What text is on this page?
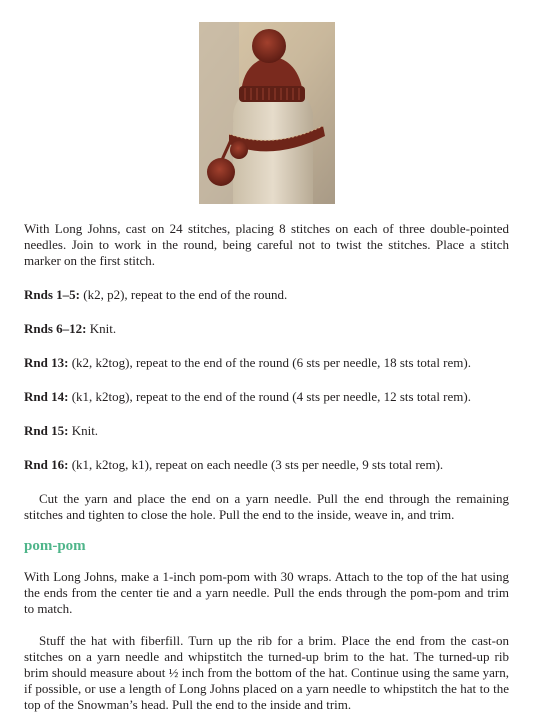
With Long Johns, cast on 24 stitches, placing 8 stitches on each of three double-pointed needles. Join to work in the round, being careful not to twist the stitches. Place a stitch marker on the first stitch.

Rnds 1–5: (k2, p2), repeat to the end of the round.

Rnds 6–12: Knit.

Rnd 13: (k2, k2tog), repeat to the end of the round (6 sts per needle, 18 sts total rem).

Rnd 14: (k1, k2tog), repeat to the end of the round (4 sts per needle, 12 sts total rem).

Rnd 15: Knit.

Rnd 16: (k1, k2tog, k1), repeat on each needle (3 sts per needle, 9 sts total rem).

Cut the yarn and place the end on a yarn needle. Pull the end through the remaining stitches and tighten to close the hole. Pull the end to the inside, weave in, and trim.

pom-pom

With Long Johns, make a 1-inch pom-pom with 30 wraps. Attach to the top of the hat using the ends from the center tie and a yarn needle. Pull the ends through the pom-pom and trim to match.

Stuff the hat with fiberfill. Turn up the rib for a brim. Place the end from the cast-on stitches on a yarn needle and whipstitch the turned-up brim to the hat. The turned-up rib brim should measure about ½ inch from the bottom of the hat. Continue using the same yarn, if possible, or use a length of Long Johns placed on a yarn needle to whipstitch the hat to the top of the Snowman’s head. Pull the end to the inside and trim.
